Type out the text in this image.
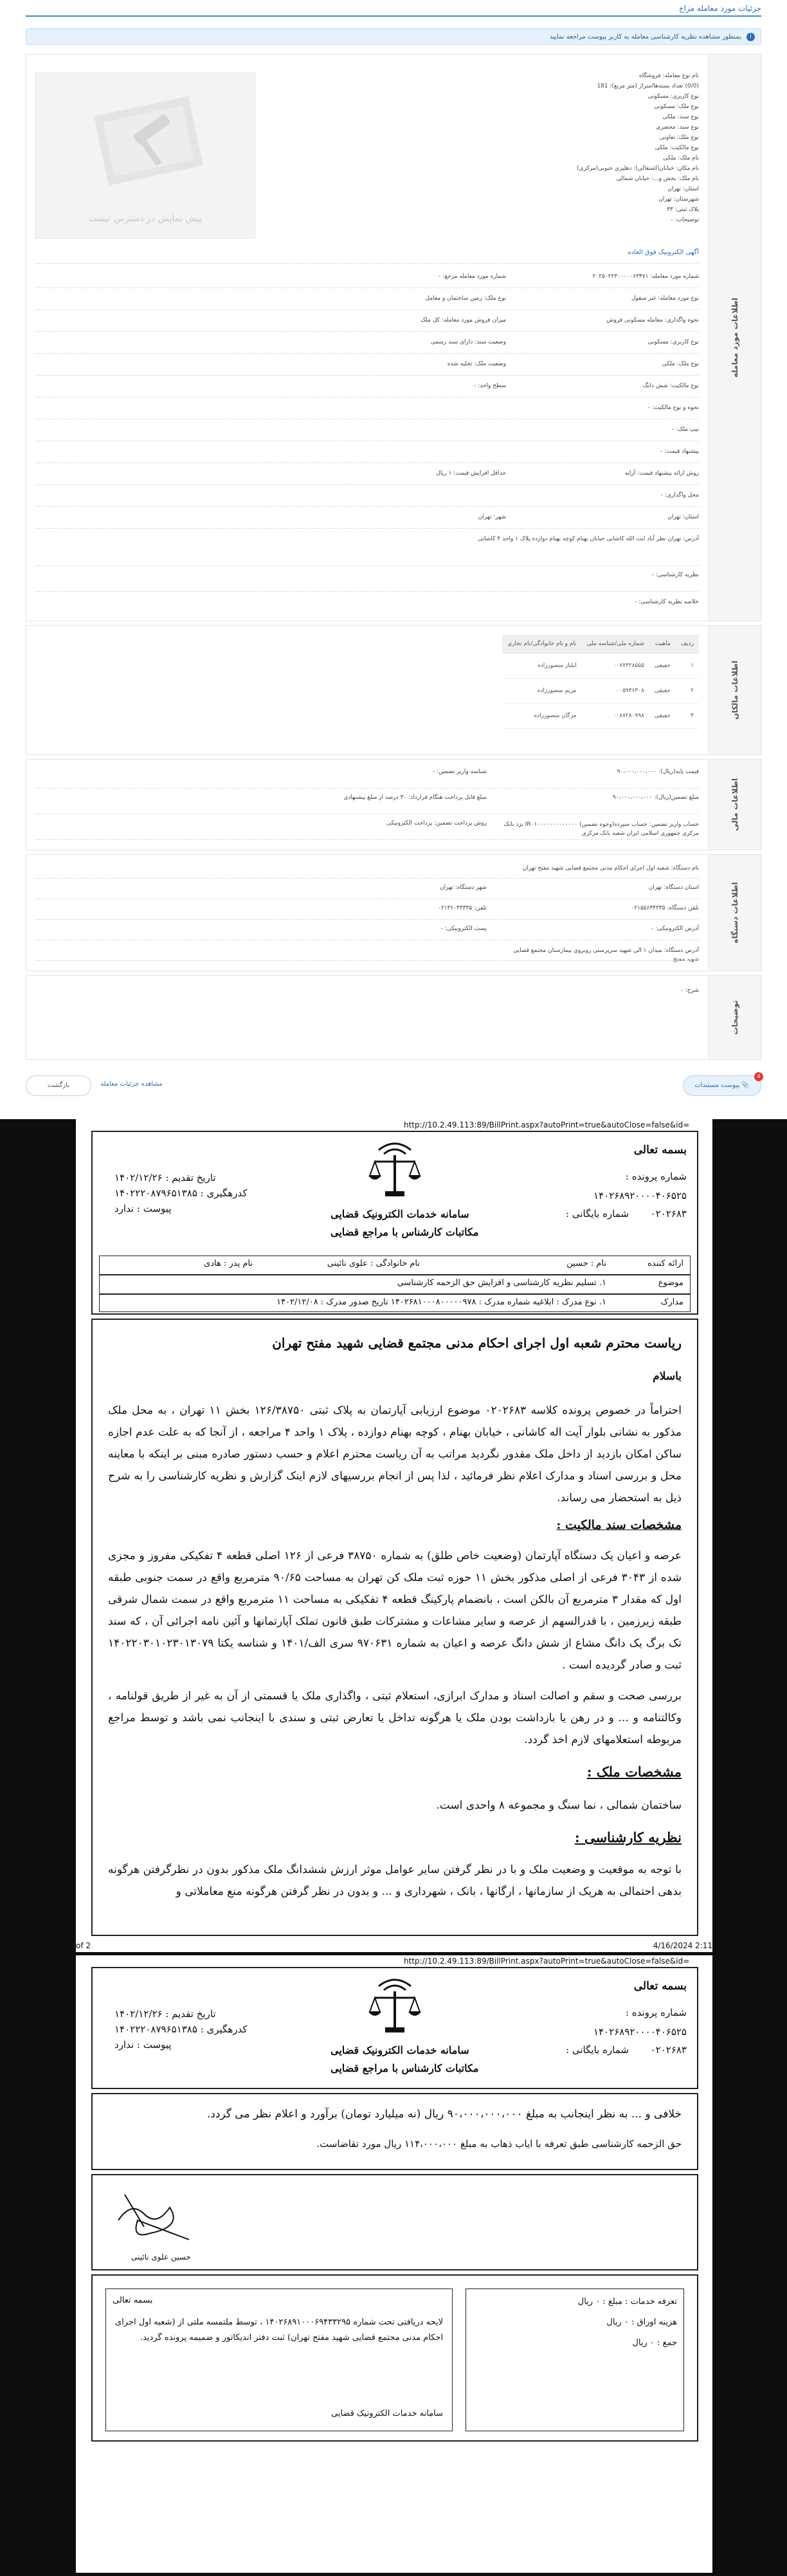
جزئیات مورد معامله مزاج
i
بمنظور مشاهده نظریه کارشناسی معامله به کاربر پیوست مراجعه نمایید
اطلاعات مورد معامله
پیش نمایش در دسترس نیست
نام نوع معامله: فروشگاه
(0/0) تعداد بسته‌ها/متراژ (متر مربع): 181
نوع کاربری: مسکونی
نوع ملک: مسکونی
نوع سند: ملکی
نوع سند: محضری
نوع ملک: تعاونی
نوع مالکیت: ملکی
نام ملک: ملکی
نام مکان: خیابان(اشتغالی): دهلیزی جنوبی(مرکزی)
نام ملک: بخش و...: خیابان شمالی
استان: تهران
شهرستان: تهران
پلاک ثبتی: ۴۳
توضیحات: -
آگهی الکترونیک فوق العاده
شماره مورد معامله: ۲۰۲۵۰۲۲۳۰۰۰۰۰۶۳۴۷۱
شماره مورد معامله مرجع: -
نوع مورد معامله: غیر منقول
نوع ملک: زمین ساختمان و معامل
نحوه واگذاری: معامله مسکونی فروش
میزان فروش مورد معامله: کل ملک
نوع کاربری: مسکونی
وضعیت سند: دارای سند رسمی
نوع ملک: ملکی
وضعیت ملک: تخلیه شده
نوع مالکیت: شش دانگ
سطح واحد: -
نحوه و نوع مالکیت: -
تیپ ملک: -
پیشنهاد قیمت: -
روش ارائه پیشنهاد قیمت: آرایه
حداقل افزایش قیمت: ۱ ریال
محل واگذاری: -
استان: تهران
شهر: تهران
آدرس: تهران نظر آباد ایت الله کاشانی خیابان بهنام کوچه بهنام دوازده پلاک ۱ واحد ۴ کاشانی
نظریه کارشناسی: -
خلاصه نظریه کارشناسی: -
اطلاعات مالکان
ردیف	ماهیت	شماره ملی/شناسه ملی	نام و نام خانوادگی/نام تجاری
۱	حقیقی	۰۰۷۷۳۲۸۵۵۵	ایلناز منصورزاده
۲	حقیقی	۰۰۵۹۴۶۳۰۸	مریم منصورزاده
۳	حقیقی	۰۰۸۷۲۸۰۹۹۸	مژگان منصورزاده
اطلاعات مالی
قیمت پایه(ریال): ۹۰،۰۰۰،۰۰۰،۰۰۰
شناسه واریز تضمین: -
مبلغ تضمین(ریال): ۹۰،۰۰۰،۰۰۰،۰۰۰
مبلغ قابل پرداخت هنگام قرارداد: ۳۰ درصد از مبلغ پیشنهادی
حساب واریز تضمین: حساب سپرده(وجوه تضمین) IR۰۱۰۰۰۰۰۰۰۰۰۰۰۰۰ نزد بانک مرکزی جمهوری اسلامی ایران شعبه بانک مرکزی
روش پرداخت تضمین: پرداخت الکترونیکی
اطلاعات دستگاه
نام دستگاه: شعبه اول اجرای احکام مدنی مجتمع قضایی شهید مفتح تهران
استان دستگاه: تهران
شهر دستگاه: تهران
تلفن دستگاه: ۰۲۱۵۵۶۴۴۳۳۵
تلفن: ۰۲۱۳۶۰۴۴۳۳۵
آدرس الکترونیکی: -
پست الکترونیکی: -
آدرس دستگاه: میدان ۱ الی شهید سرپرستی روبروی بیمارستان مجتمع قضایی شهید مفتح
توضیحات
شرح: -
4
📎 پیوست مستندات
بازگشت	مشاهده جزئیات معامله
http://10.2.49.113:89/BillPrint.aspx?autoPrint=true&autoClose=false&id=
بسمه تعالی
شماره پرونده :
۱۴۰۲۶۸۹۲۰۰۰۰۴۰۶۵۲۵
شماره بایگانی : ۰۲۰۲۶۸۳
سامانه خدمات الکترونیک قضایی
مکاتبات کارشناس با مراجع قضایی
تاریخ تقدیم : ۱۴۰۲/۱۲/۲۶
کدرهگیری : ۱۴۰۲۲۲۰۸۷۹۶۵۱۳۸۵
پیوست : ندارد
ارائه کننده
نام : حسین
نام خانوادگی : علوی نائینی
نام پدر : هادی
موضوع
۱. تسلیم نظریه کارشناسی و افزایش حق الزحمه کارشناسی
مدارک
۱. نوع مدرک : ابلاغیه شماره مدرک : ۱۴۰۲۶۸۱۰۰۰۸۰۰۰۰۰۹۷۸ تاریخ صدور مدرک : ۱۴۰۲/۱۲/۰۸
ریاست محترم شعبه اول اجرای احکام مدنی مجتمع قضایی شهید مفتح تهران
باسلام
احتراماً در خصوص پرونده کلاسه ۰۲۰۲۶۸۳ موضوع ارزیابی آپارتمان به پلاک ثبتی ۱۲۶/۳۸۷۵۰ بخش ۱۱ تهران ، به محل ملک مذکور به نشانی بلوار آیت اله کاشانی ، خیابان بهنام ، کوچه بهنام دوازده ، پلاک ۱ واحد ۴ مراجعه ، از آنجا که به علت عدم اجازه ساکن امکان بازدید از داخل ملک مقدور نگردید مراتب به آن ریاست محترم اعلام و حسب دستور صادره مبنی بر اینکه با معاینه محل و بررسی اسناد و مدارک اعلام نظر فرمائید ، لذا پس از انجام بررسیهای لازم اینک گزارش و نظریه کارشناسی را به شرح ذیل به استحضار می رساند.
مشخصات سند مالکیت :
عرصه و اعیان یک دستگاه آپارتمان (وضعیت خاص طلق) به شماره ۳۸۷۵۰ فرعی از ۱۲۶ اصلی قطعه ۴ تفکیکی مفروز و مجزی شده از ۳۰۴۳ فرعی از اصلی مذکور بخش ۱۱ حوزه ثبت ملک کن تهران به مساحت ۹۰/۶۵ مترمربع واقع در سمت جنوبی طبقه اول که مقدار ۳ مترمربع آن بالکن است ، بانضمام پارکینگ قطعه ۴ تفکیکی به مساحت ۱۱ مترمربع واقع در سمت شمال شرقی طبقه زیرزمین ، با قدرالسهم از عرصه و سایر مشاعات و مشترکات طبق قانون تملک آپارتمانها و آئین نامه اجرائی آن ، که سند تک برگ یک دانگ مشاع از شش دانگ عرصه و اعیان به شماره ۹۷۰۶۳۱ سری الف/۱۴۰۱ و شناسه یکتا ۱۴۰۲۲۰۳۰۱۰۲۳۰۱۳۰۷۹ ثبت و صادر گردیده است .
بررسی صحت و سقم و اصالت اسناد و مدارک ابرازی، استعلام ثبتی ، واگذاری ملک یا قسمتی از آن به غیر از طریق قولنامه ، وکالتنامه و ... و در رهن یا بازداشت بودن ملک یا هرگونه تداخل یا تعارض ثبتی و سندی با اینجانب نمی باشد و توسط مراجع مربوطه استعلامهای لازم اخذ گردد.
مشخصات ملک :
ساختمان شمالی ، نما سنگ و مجموعه ۸ واحدی است.
نظریه کارشناسی :
با توجه به موقعیت و وضعیت ملک و با در نظر گرفتن سایر عوامل موثر ارزش ششدانگ ملک مذکور بدون در نظرگرفتن هرگونه بدهی احتمالی به هریک از سازمانها ، ارگانها ، بانک ، شهرداری و ... و بدون در نظر گرفتن هرگونه منع معاملاتی و
of 2	4/16/2024 2:11
http://10.2.49.113:89/BillPrint.aspx?autoPrint=true&autoClose=false&id=
بسمه تعالی
شماره پرونده :
۱۴۰۲۶۸۹۲۰۰۰۰۴۰۶۵۲۵
شماره بایگانی : ۰۲۰۲۶۸۳
سامانه خدمات الکترونیک قضایی
مکاتبات کارشناس با مراجع قضایی
تاریخ تقدیم : ۱۴۰۲/۱۲/۲۶
کدرهگیری : ۱۴۰۲۲۲۰۸۷۹۶۵۱۳۸۵
پیوست : ندارد
خلافی و ... به نظر اینجانب به مبلغ ۹۰،۰۰۰،۰۰۰،۰۰۰ ریال (نه میلیارد تومان) برآورد و اعلام نظر می گردد.
حق الزحمه کارشناسی طبق تعرفه با ایاب ذهاب به مبلغ ۱۱۴،۰۰۰،۰۰۰ ریال مورد تقاضاست.
حسین علوی نائینی
بسمه تعالی
لایحه دریافتی تحت شماره ۱۴۰۲۶۸۹۱۰۰۰۶۹۴۳۳۲۹۵ ، توسط ملتمسه ملتی از (شعبه اول اجرای احکام مدنی مجتمع قضایی شهید مفتح تهران) ثبت دفتر اندیکاتور و ضمیمه پرونده گردید.
سامانه خدمات الکترونیک قضایی
تعرفه خدمات : مبلغ : ۰ ریال
هزینه اوراق : ۰ ریال
جمع : ۰ ریال
